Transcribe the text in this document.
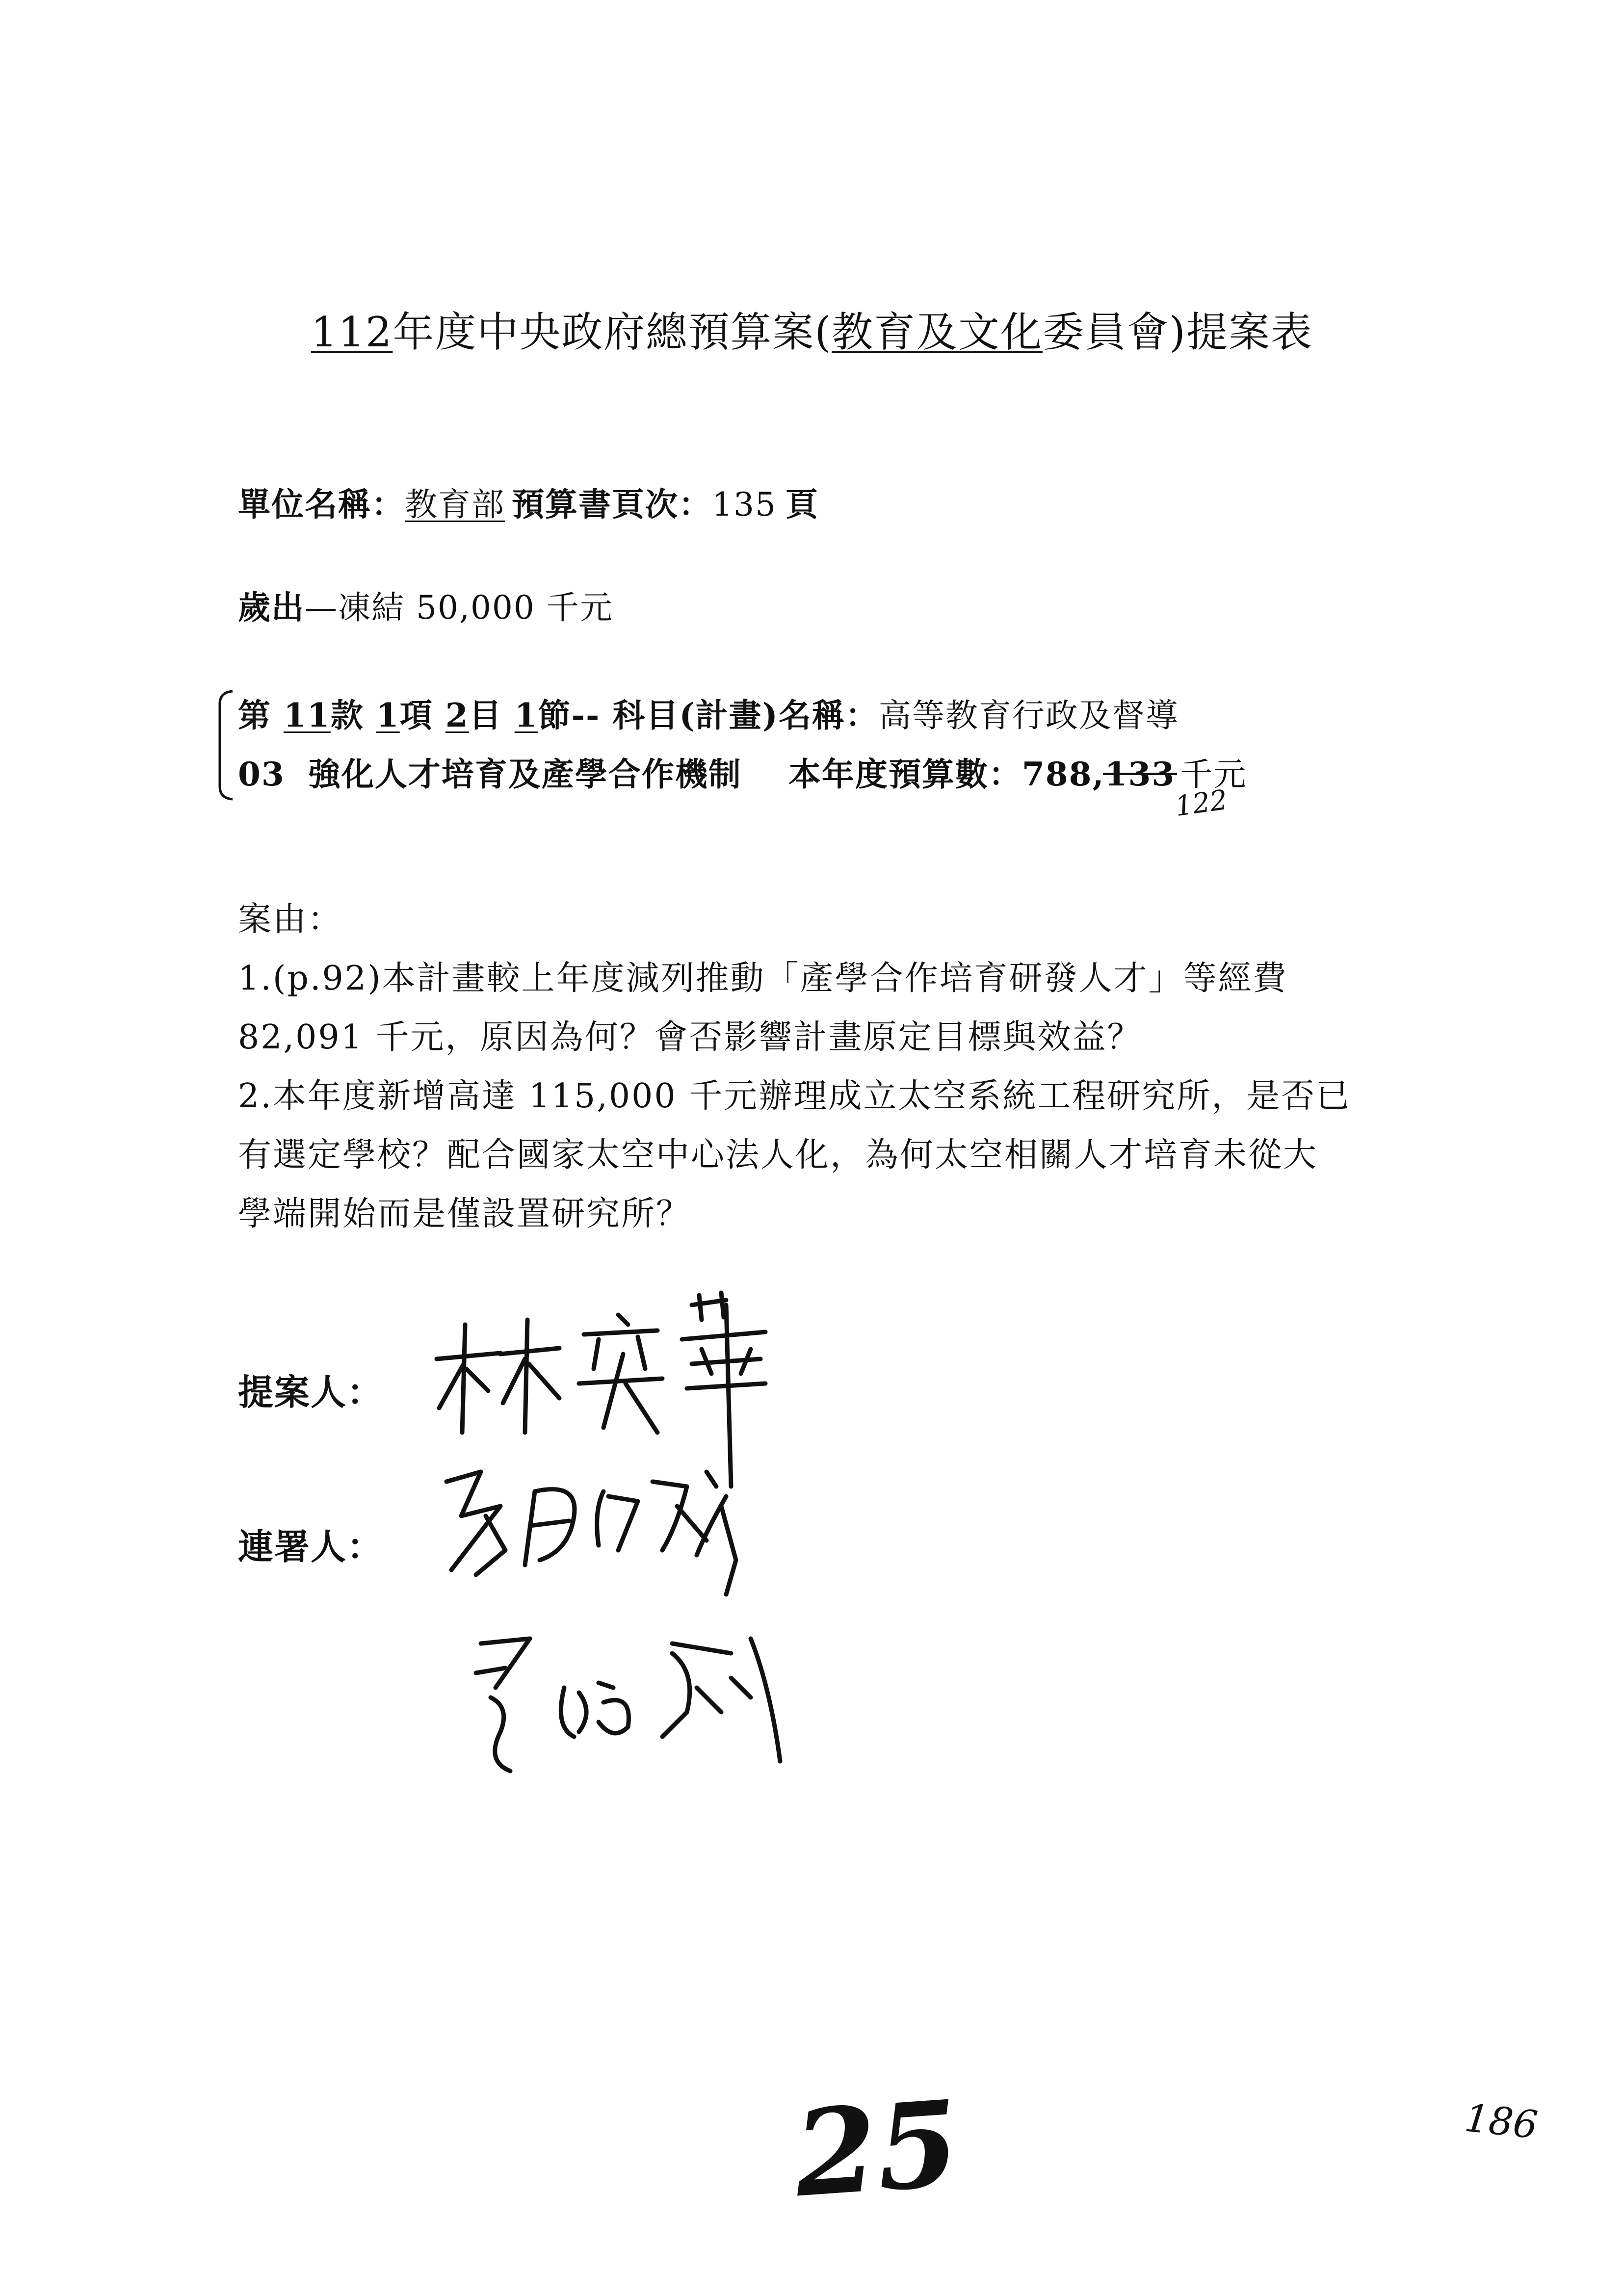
112年度中央政府總預算案(教育及文化委員會)提案表
單位名稱：教育部 預算書頁次：135 頁
歲出—凍結 50,000 千元
第 11款 1項 2目 1節-- 科目(計畫)名稱：高等教育行政及督導
03 強化人才培育及產學合作機制 本年度預算數：788,133 千元
122
案由：
1.(p.92)本計畫較上年度減列推動「產學合作培育研發人才」等經費
82,091 千元，原因為何？會否影響計畫原定目標與效益？
2.本年度新增高達 115,000 千元辦理成立太空系統工程研究所，是否已
有選定學校？配合國家太空中心法人化，為何太空相關人才培育未從大
學端開始而是僅設置研究所？
提案人：
連署人：
25	186
